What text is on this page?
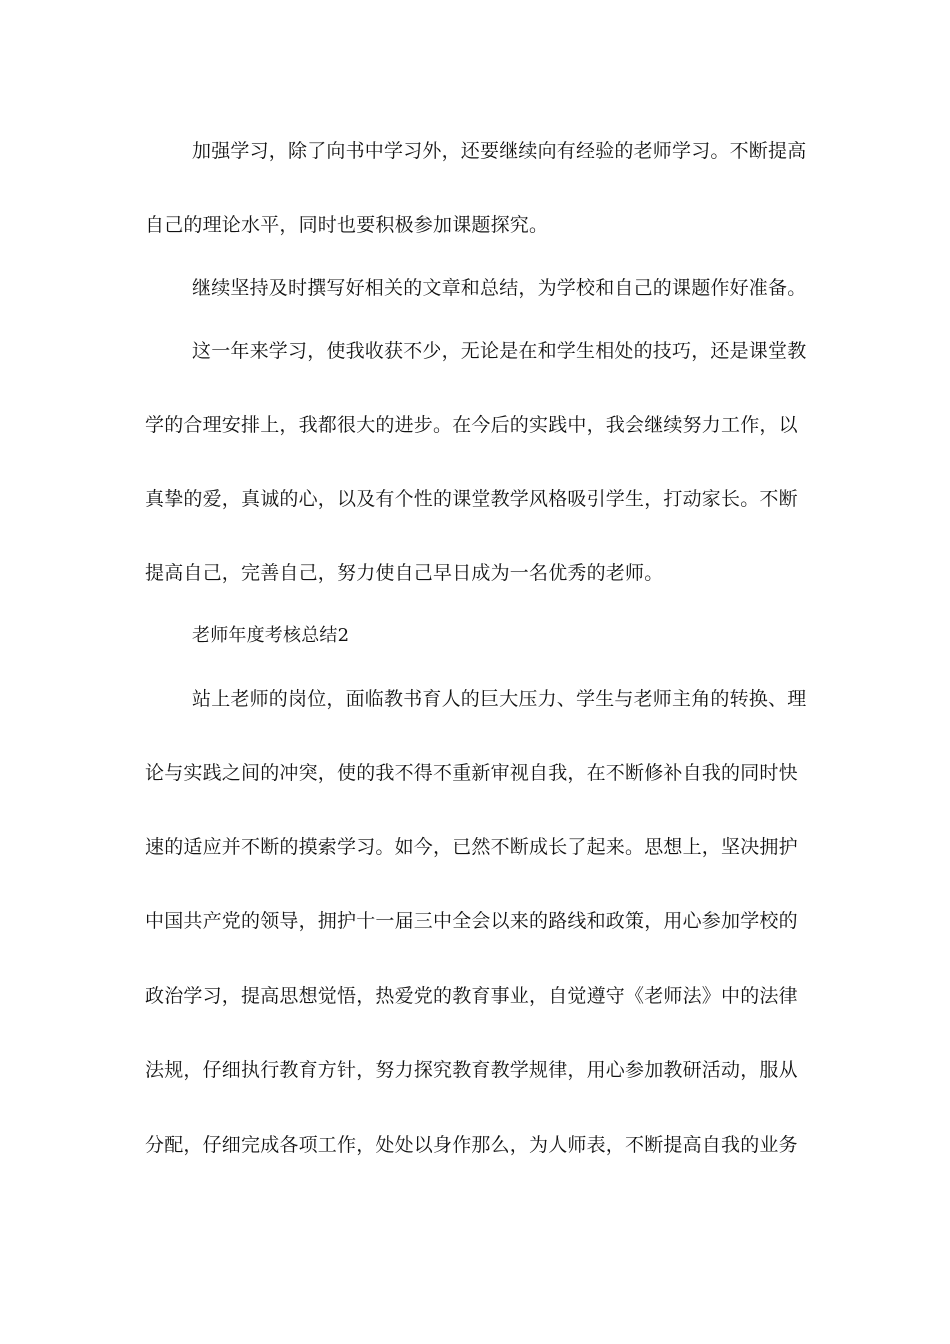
加强学习，除了向书中学习外，还要继续向有经验的老师学习。不断提高
自己的理论水平，同时也要积极参加课题探究。
继续坚持及时撰写好相关的文章和总结，为学校和自己的课题作好准备。
这一年来学习，使我收获不少，无论是在和学生相处的技巧，还是课堂教
学的合理安排上，我都很大的进步。在今后的实践中，我会继续努力工作，以
真挚的爱，真诚的心，以及有个性的课堂教学风格吸引学生，打动家长。不断
提高自己，完善自己，努力使自己早日成为一名优秀的老师。
老师年度考核总结2
站上老师的岗位，面临教书育人的巨大压力、学生与老师主角的转换、理
论与实践之间的冲突，使的我不得不重新审视自我，在不断修补自我的同时快
速的适应并不断的摸索学习。如今，已然不断成长了起来。思想上，坚决拥护
中国共产党的领导，拥护十一届三中全会以来的路线和政策，用心参加学校的
政治学习，提高思想觉悟，热爱党的教育事业，自觉遵守《老师法》中的法律
法规，仔细执行教育方针，努力探究教育教学规律，用心参加教研活动，服从
分配，仔细完成各项工作，处处以身作那么，为人师表，不断提高自我的业务
